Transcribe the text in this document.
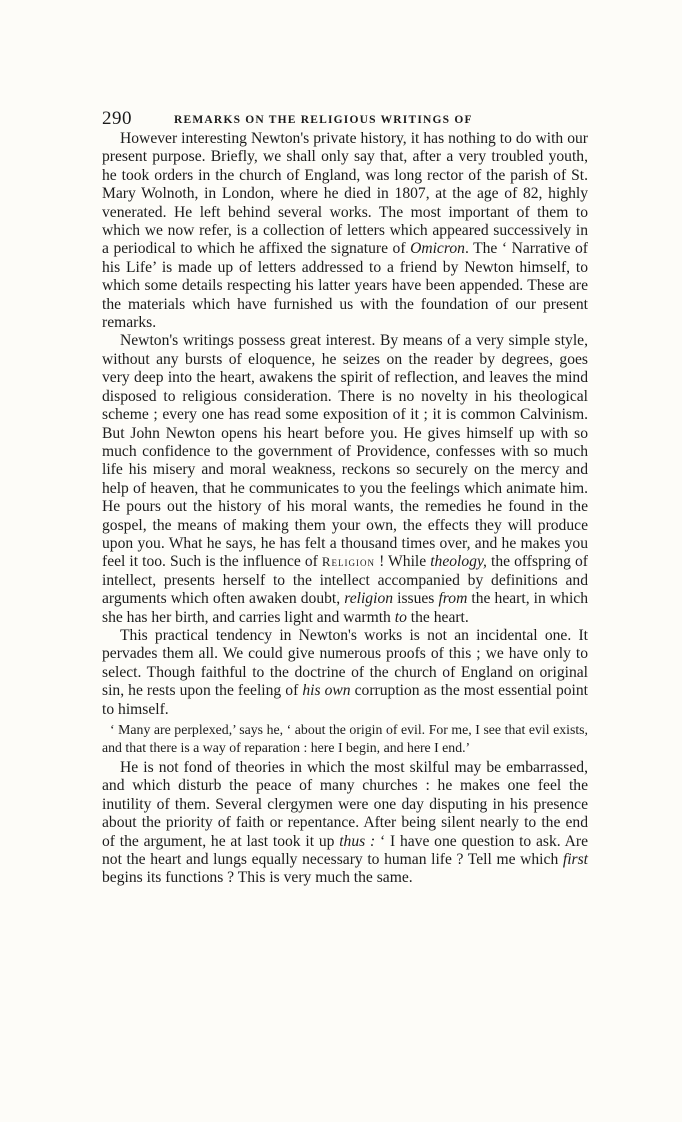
290	REMARKS ON THE RELIGIOUS WRITINGS OF

However interesting Newton's private history, it has nothing to do with our present purpose. Briefly, we shall only say that, after a very troubled youth, he took orders in the church of England, was long rector of the parish of St. Mary Wolnoth, in London, where he died in 1807, at the age of 82, highly venerated. He left behind several works. The most important of them to which we now refer, is a collection of letters which appeared successively in a periodical to which he affixed the signature of Omicron. The ‘ Narrative of his Life’ is made up of letters addressed to a friend by Newton himself, to which some details respecting his latter years have been appended. These are the materials which have furnished us with the foundation of our present remarks.

Newton's writings possess great interest. By means of a very simple style, without any bursts of eloquence, he seizes on the reader by degrees, goes very deep into the heart, awakens the spirit of reflection, and leaves the mind disposed to religious consideration. There is no novelty in his theological scheme ; every one has read some exposition of it ; it is common Calvinism. But John Newton opens his heart before you. He gives himself up with so much confidence to the government of Providence, confesses with so much life his misery and moral weakness, reckons so securely on the mercy and help of heaven, that he communicates to you the feelings which animate him. He pours out the history of his moral wants, the remedies he found in the gospel, the means of making them your own, the effects they will produce upon you. What he says, he has felt a thousand times over, and he makes you feel it too. Such is the influence of Religion ! While theology, the offspring of intellect, presents herself to the intellect accompanied by definitions and arguments which often awaken doubt, religion issues from the heart, in which she has her birth, and carries light and warmth to the heart.

This practical tendency in Newton's works is not an incidental one. It pervades them all. We could give numerous proofs of this ; we have only to select. Though faithful to the doctrine of the church of England on original sin, he rests upon the feeling of his own corruption as the most essential point to himself.

‘ Many are perplexed,’ says he, ‘ about the origin of evil. For me, I see that evil exists, and that there is a way of reparation : here I begin, and here I end.’

He is not fond of theories in which the most skilful may be embarrassed, and which disturb the peace of many churches : he makes one feel the inutility of them. Several clergymen were one day disputing in his presence about the priority of faith or repentance. After being silent nearly to the end of the argument, he at last took it up thus : ‘ I have one question to ask. Are not the heart and lungs equally necessary to human life ? Tell me which first begins its functions ? This is very much the same.
